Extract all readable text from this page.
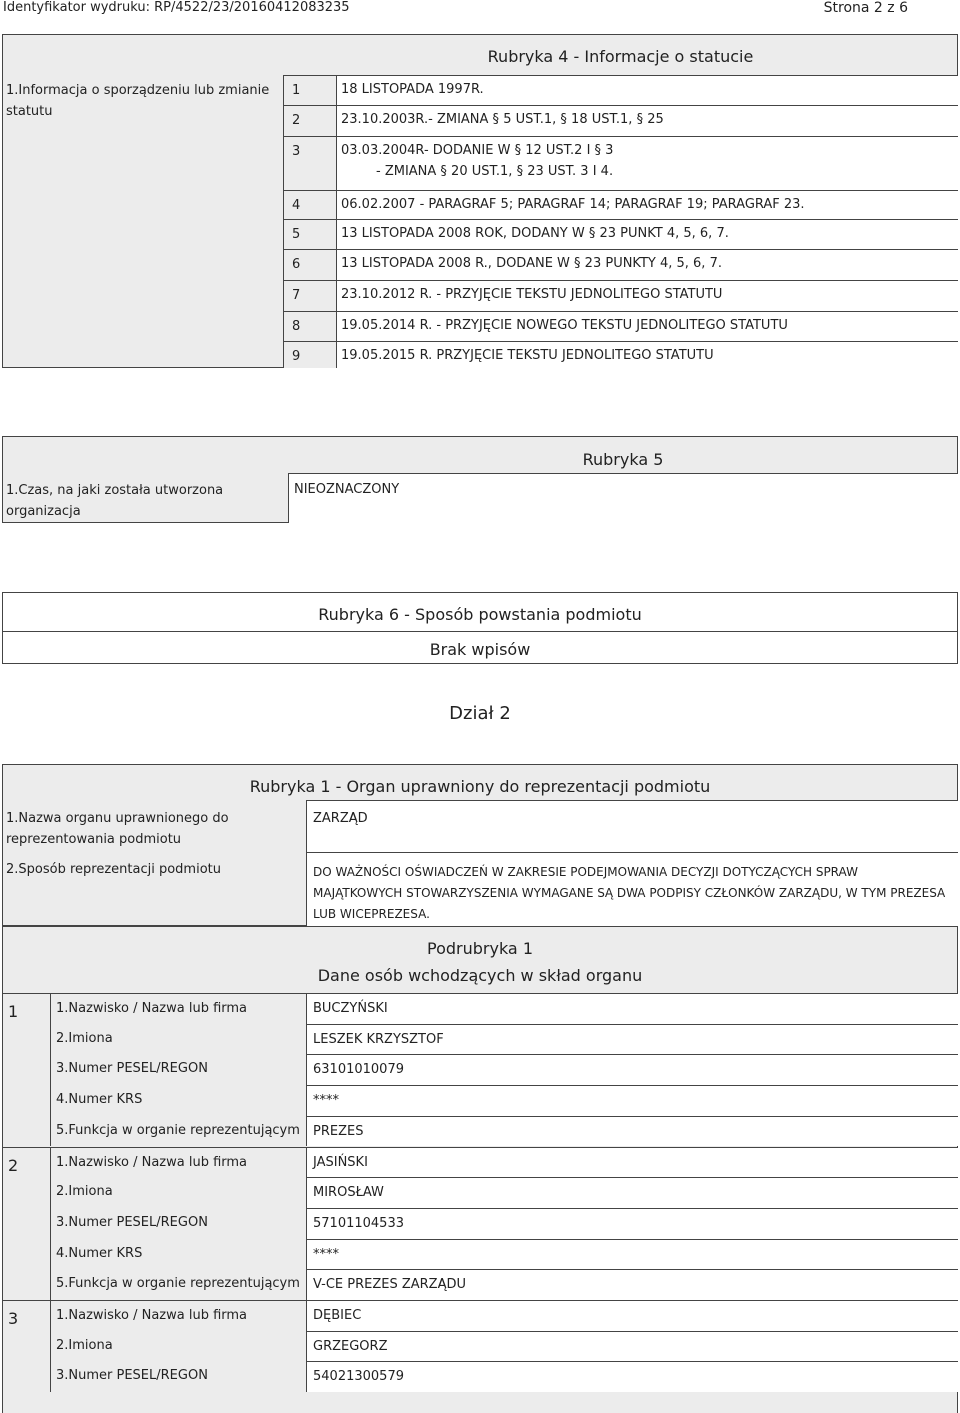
Identyfikator wydruku: RP/4522/23/20160412083235	Strona 2 z 6
Rubryka 4 - Informacje o statucie
1.Informacja o sporządzeniu lub zmianie statutu
1	18 LISTOPADA 1997R.
2	23.10.2003R.- ZMIANA § 5 UST.1, § 18 UST.1, § 25
3	03.03.2004R- DODANIE W § 12 UST.2 I § 3
- ZMIANA § 20 UST.1, § 23 UST. 3 I 4.
4	06.02.2007 - PARAGRAF 5; PARAGRAF 14; PARAGRAF 19; PARAGRAF 23.
5	13 LISTOPADA 2008 ROK, DODANY W § 23 PUNKT 4, 5, 6, 7.
6	13 LISTOPADA 2008 R., DODANE W § 23 PUNKTY 4, 5, 6, 7.
7	23.10.2012 R. - PRZYJĘCIE TEKSTU JEDNOLITEGO STATUTU
8	19.05.2014 R. - PRZYJĘCIE NOWEGO TEKSTU JEDNOLITEGO STATUTU
9	19.05.2015 R. PRZYJĘCIE TEKSTU JEDNOLITEGO STATUTU
Rubryka 5
1.Czas, na jaki została utworzona organizacja
NIEOZNACZONY
Rubryka 6 - Sposób powstania podmiotu
Brak wpisów
Dział 2
Rubryka 1 - Organ uprawniony do reprezentacji podmiotu
1.Nazwa organu uprawnionego do reprezentowania podmiotu
ZARZĄD
2.Sposób reprezentacji podmiotu	DO WAŻNOŚCI OŚWIADCZEŃ W ZAKRESIE PODEJMOWANIA DECYZJI DOTYCZĄCYCH SPRAW MAJĄTKOWYCH STOWARZYSZENIA WYMAGANE SĄ DWA PODPISY CZŁONKÓW ZARZĄDU, W TYM PREZESA LUB WICEPREZESA.
Podrubryka 1
Dane osób wchodzących w skład organu
1	1.Nazwisko / Nazwa lub firma	BUCZYŃSKI
2.Imiona	LESZEK KRZYSZTOF
3.Numer PESEL/REGON	63101010079
4.Numer KRS	****
5.Funkcja w organie reprezentującym	PREZES
2	1.Nazwisko / Nazwa lub firma	JASIŃSKI
2.Imiona	MIROSŁAW
3.Numer PESEL/REGON	57101104533
4.Numer KRS	****
5.Funkcja w organie reprezentującym	V-CE PREZES ZARZĄDU
3	1.Nazwisko / Nazwa lub firma	DĘBIEC
2.Imiona	GRZEGORZ
3.Numer PESEL/REGON	54021300579
